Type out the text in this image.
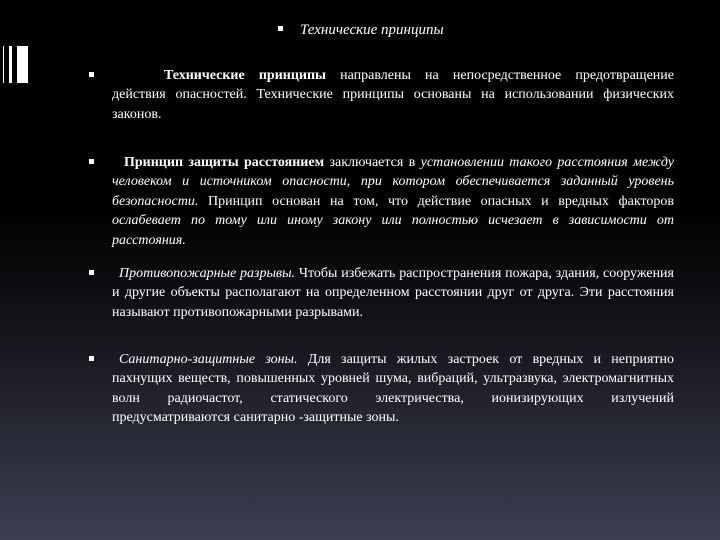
Технические принципы

Технические принципы направлены на непосредственное предотвращение действия опасностей. Технические принципы основаны на использовании физических законов.

Принцип защиты расстоянием заключается в установлении такого расстояния между человеком и источником опасности, при котором обеспечивается заданный уровень безопасности. Принцип основан на том, что действие опасных и вредных факторов ослабевает по тому или иному закону или полностью исчезает в зависимости от расстояния.

Противопожарные разрывы. Чтобы избежать распространения пожара, здания, сооружения и другие объекты располагают на определенном расстоянии друг от друга. Эти расстояния называют противопожарными разрывами.

Санитарно-защитные зоны. Для защиты жилых застроек от вредных и неприятно пахнущих веществ, повышенных уровней шума, вибраций, ультразвука, электромагнитных волн радиочастот, статического электричества, ионизирующих излучений предусматриваются санитарно -защитные зоны.
